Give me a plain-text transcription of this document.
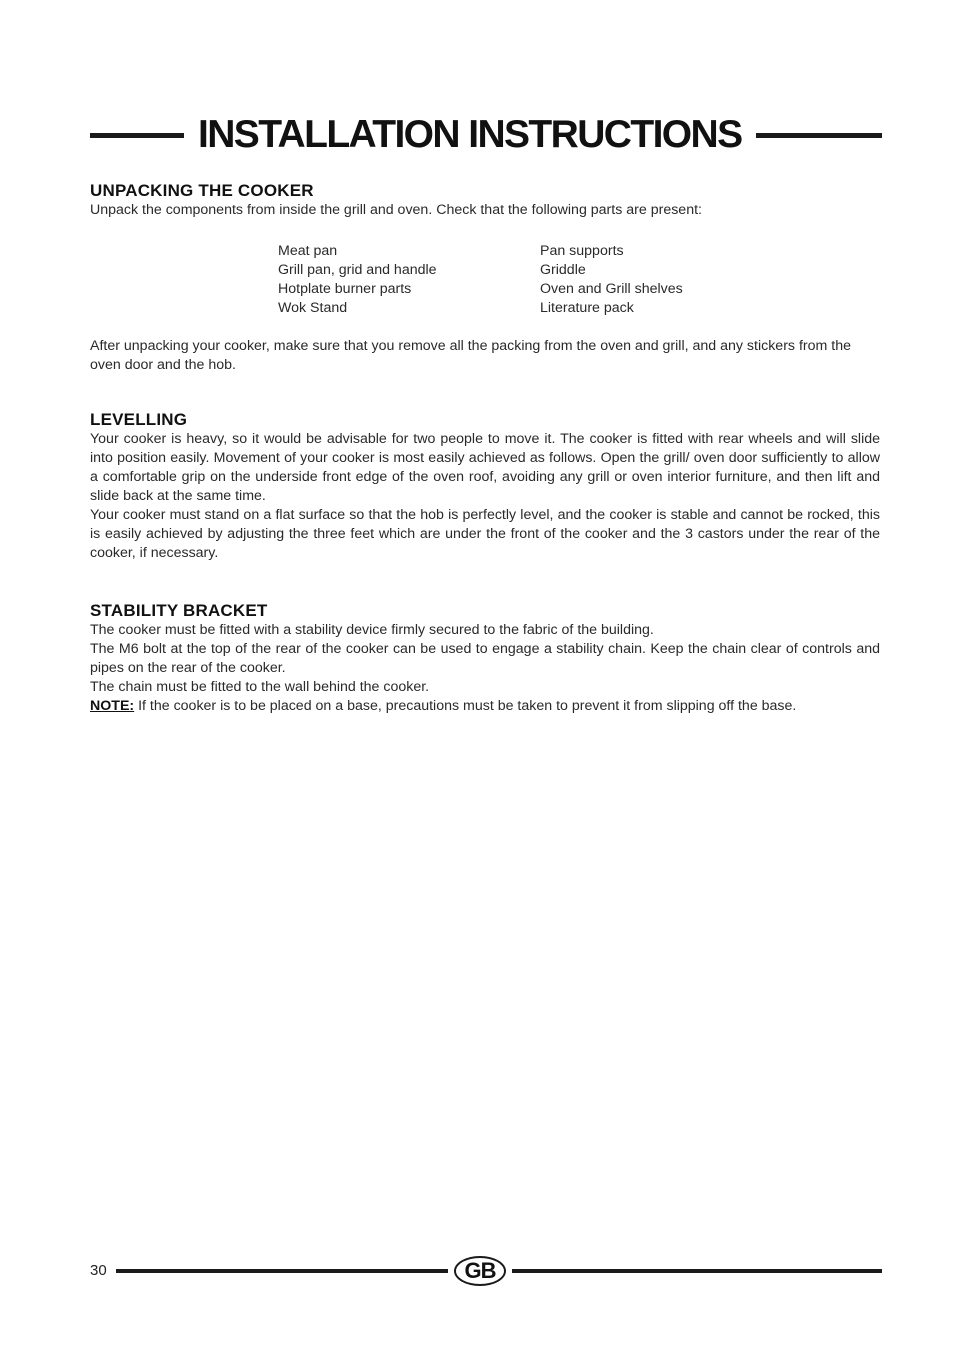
INSTALLATION INSTRUCTIONS
UNPACKING THE COOKER

Unpack the components from inside the grill and oven. Check that the following parts are present:

Meat pan
Grill pan, grid and handle
Hotplate burner parts
Wok Stand
Pan supports
Griddle
Oven and Grill shelves
Literature pack

After unpacking your cooker, make sure that you remove all the packing from the oven and grill, and any stickers from the oven door and the hob.

LEVELLING

Your cooker is heavy, so it would be advisable for two people to move it. The cooker is fitted with rear wheels and will slide into position easily. Movement of your cooker is most easily achieved as follows. Open the grill/ oven door sufficiently to allow a comfortable grip on the underside front edge of the oven roof, avoiding any grill or oven interior furniture, and then lift and slide back at the same time.

Your cooker must stand on a flat surface so that the hob is perfectly level, and the cooker is stable and cannot be rocked, this is easily achieved by adjusting the three feet which are under the front of the cooker and the 3 castors under the rear of the cooker, if necessary.

STABILITY BRACKET

The cooker must be fitted with a stability device firmly secured to the fabric of the building.

The M6 bolt at the top of the rear of the cooker can be used to engage a stability chain. Keep the chain clear of controls and pipes on the rear of the cooker.

The chain must be fitted to the wall behind the cooker.

NOTE: If the cooker is to be placed on a base, precautions must be taken to prevent it from slipping off the base.

30	GB
